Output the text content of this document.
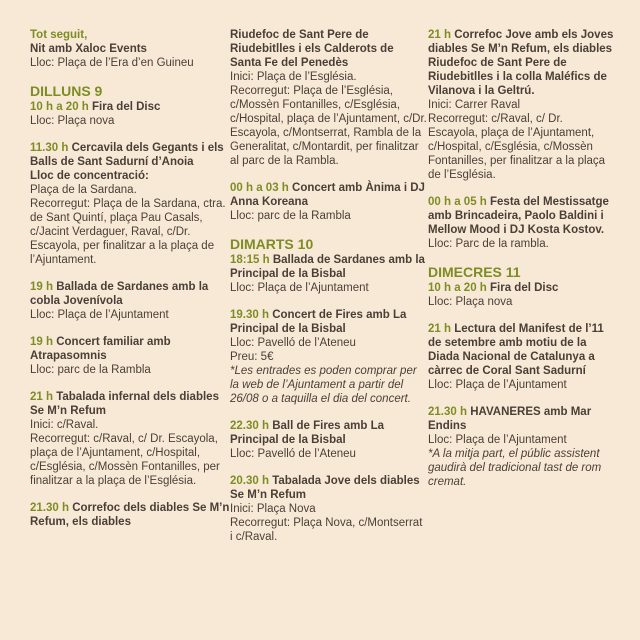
Tot seguit,
Nit amb Xaloc Events
Lloc: Plaça de l’Era d’en Guineu
DILLUNS 9
10 h a 20 h Fira del Disc
Lloc: Plaça nova
11.30 h Cercavila dels Gegants i els Balls de Sant Sadurní d’Anoia
Lloc de concentració:
Plaça de la Sardana.
Recorregut: Plaça de la Sardana, ctra. de Sant Quintí, plaça Pau Casals, c/Jacint Verdaguer, Raval, c/Dr. Escayola, per finalitzar a la plaça de l’Ajuntament.
19 h Ballada de Sardanes amb la cobla Jovenívola
Lloc: Plaça de l’Ajuntament
19 h Concert familiar amb Atrapasomnis
Lloc: parc de la Rambla
21 h Tabalada infernal dels diables Se M’n Refum
Inici: c/Raval.
Recorregut: c/Raval, c/ Dr. Escayola, plaça de l’Ajuntament, c/Hospital, c/Església, c/Mossèn Fontanilles, per finalitzar a la plaça de l’Església.
21.30 h Correfoc dels diables Se M’n Refum, els diables
Riudefoc de Sant Pere de Riudebitlles i els Calderots de Santa Fe del Penedès
Inici: Plaça de l’Església.
Recorregut: Plaça de l’Església, c/Mossèn Fontanilles, c/Església, c/Hospital, plaça de l’Ajuntament, c/Dr. Escayola, c/Montserrat, Rambla de la Generalitat, c/Montardit, per finalitzar al parc de la Rambla.
00 h a 03 h Concert amb Ànima i DJ Anna Koreana
Lloc: parc de la Rambla
DIMARTS 10
18:15 h Ballada de Sardanes amb la Principal de la Bisbal
Lloc: Plaça de l’Ajuntament
19.30 h Concert de Fires amb La Principal de la Bisbal
Lloc: Pavelló de l’Ateneu
Preu: 5€
*Les entrades es poden comprar per la web de l’Ajuntament a partir del 26/08 o a taquilla el dia del concert.
22.30 h Ball de Fires amb La Principal de la Bisbal
Lloc: Pavelló de l’Ateneu
20.30 h Tabalada Jove dels diables Se M’n Refum
Inici: Plaça Nova
Recorregut: Plaça Nova, c/Montserrat i c/Raval.
21 h Correfoc Jove amb els Joves diables Se M’n Refum, els diables Riudefoc de Sant Pere de Riudebitlles i la colla Maléfics de Vilanova i la Geltrú.
Inici: Carrer Raval
Recorregut: c/Raval, c/ Dr. Escayola, plaça de l’Ajuntament, c/Hospital, c/Església, c/Mossèn Fontanilles, per finalitzar a la plaça de l’Església.
00 h a 05 h Festa del Mestissatge amb Brincadeira, Paolo Baldini i Mellow Mood i DJ Kosta Kostov.
Lloc: Parc de la rambla.
DIMECRES 11
10 h a 20 h Fira del Disc
Lloc: Plaça nova
21 h Lectura del Manifest de l’11 de setembre amb motiu de la Diada Nacional de Catalunya a càrrec de Coral Sant Sadurní
Lloc: Plaça de l’Ajuntament
21.30 h HAVANERES amb Mar Endins
Lloc: Plaça de l’Ajuntament
*A la mitja part, el públic assistent gaudirà del tradicional tast de rom cremat.
